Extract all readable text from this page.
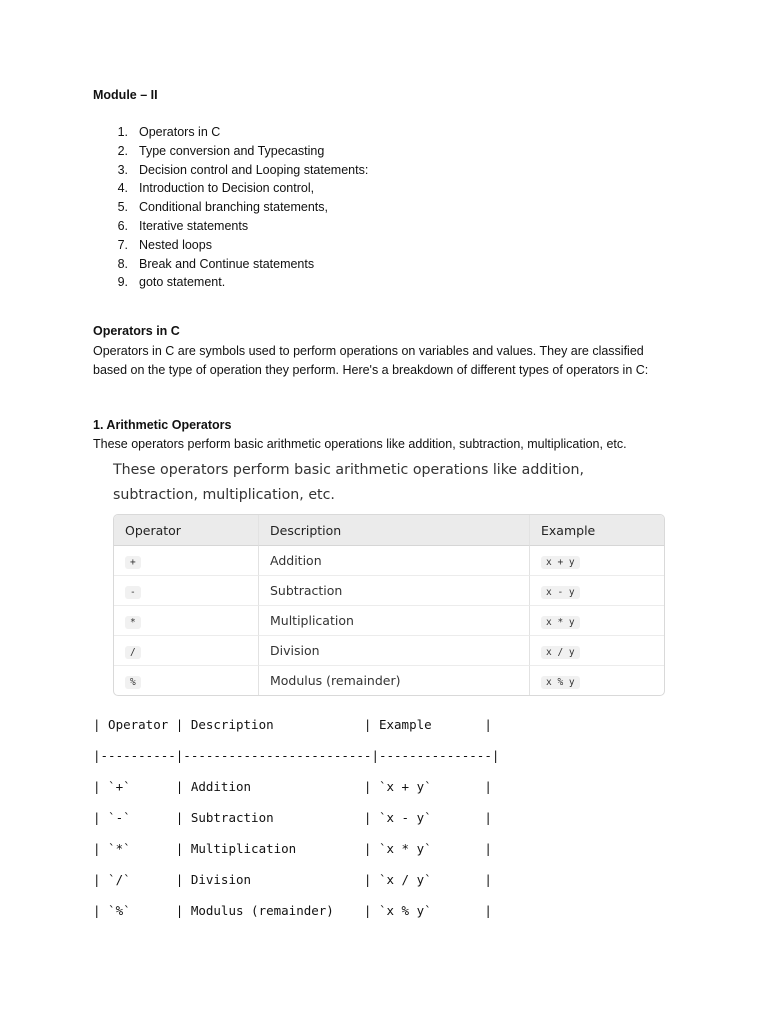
Module – II
1. Operators in C
2. Type conversion and Typecasting
3. Decision control and Looping statements:
4. Introduction to Decision control,
5. Conditional branching statements,
6. Iterative statements
7. Nested loops
8. Break and Continue statements
9. goto statement.
Operators in C

Operators in C are symbols used to perform operations on variables and values. They are classified based on the type of operation they perform. Here's a breakdown of different types of operators in C:

1. Arithmetic Operators

These operators perform basic arithmetic operations like addition, subtraction, multiplication, etc.

| Operator | Description            | Example       |
|----------|-------------------------|---------------|
| `+`      | Addition               | `x + y`       |
| `-`      | Subtraction            | `x - y`       |
| `*`      | Multiplication         | `x * y`       |
| `/`      | Division               | `x / y`       |
| `%`      | Modulus (remainder)    | `x % y`       |

These operators perform basic arithmetic operations like addition, subtraction, multiplication, etc.

Operator	Description	Example
+	Addition	x + y
-	Subtraction	x - y
*	Multiplication	x * y
/	Division	x / y
%	Modulus (remainder)	x % y
